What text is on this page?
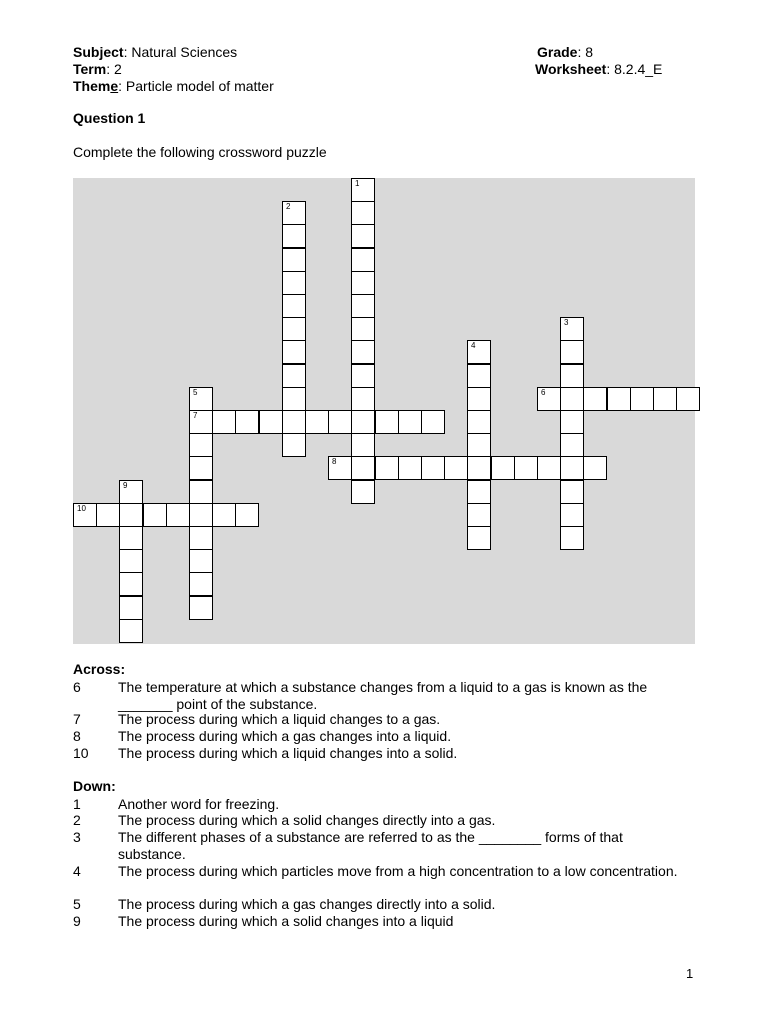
Subject: Natural Sciences	Grade: 8
Term: 2	Worksheet: 8.2.4_E
Theme: Particle model of matter
Question 1
Complete the following crossword puzzle
1
2
3
4
5
7
6
8
9
10
Across:
6	The temperature at which a substance changes from a liquid to a gas is known as the _______ point of the substance.
7	The process during which a liquid changes to a gas.
8	The process during which a gas changes into a liquid.
10 The process during which a liquid changes into a solid.
Down:
1	Another word for freezing.
2	The process during which a solid changes directly into a gas.
3	The different phases of a substance are referred to as the ________ forms of that substance.
4	The process during which particles move from a high concentration to a low concentration.
5	The process during which a gas changes directly into a solid.
9	The process during which a solid changes into a liquid
1
